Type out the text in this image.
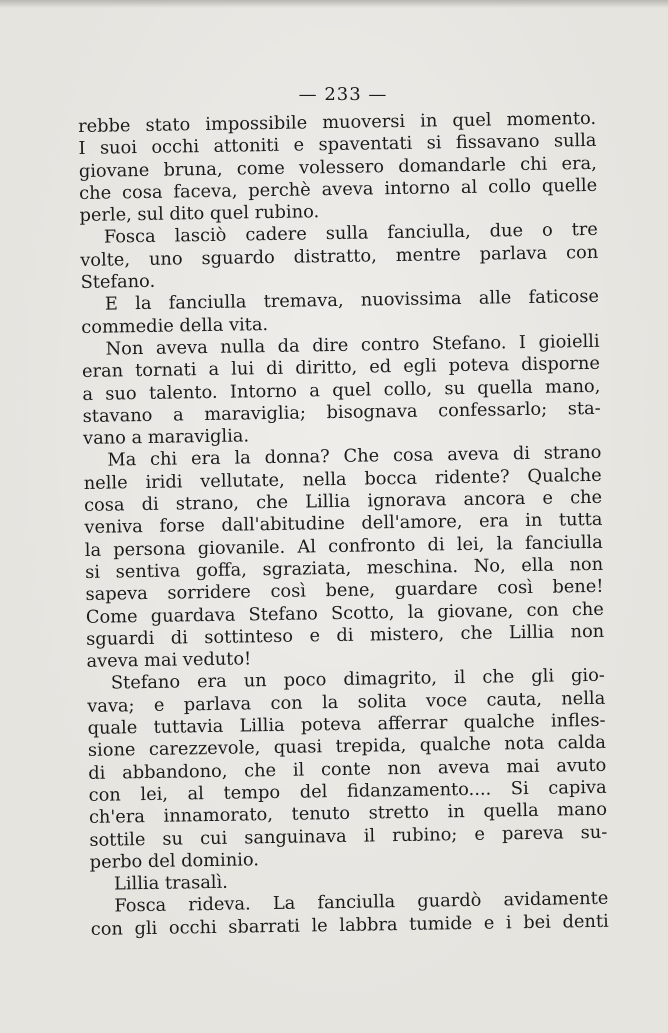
— 233 —
rebbe stato impossibile muoversi in quel momento.
I suoi occhi attoniti e spaventati si fissavano sulla
giovane bruna, come volessero domandarle chi era,
che cosa faceva, perchè aveva intorno al collo quelle
perle, sul dito quel rubino.
Fosca lasciò cadere sulla fanciulla, due o tre
volte, uno sguardo distratto, mentre parlava con
Stefano.
E la fanciulla tremava, nuovissima alle faticose
commedie della vita.
Non aveva nulla da dire contro Stefano. I gioielli
eran tornati a lui di diritto, ed egli poteva disporne
a suo talento. Intorno a quel collo, su quella mano,
stavano a maraviglia; bisognava confessarlo; sta-
vano a maraviglia.
Ma chi era la donna? Che cosa aveva di strano
nelle iridi vellutate, nella bocca ridente? Qualche
cosa di strano, che Lillia ignorava ancora e che
veniva forse dall'abitudine dell'amore, era in tutta
la persona giovanile. Al confronto di lei, la fanciulla
si sentiva goffa, sgraziata, meschina. No, ella non
sapeva sorridere così bene, guardare così bene!
Come guardava Stefano Scotto, la giovane, con che
sguardi di sottinteso e di mistero, che Lillia non
aveva mai veduto!
Stefano era un poco dimagrito, il che gli gio-
vava; e parlava con la solita voce cauta, nella
quale tuttavia Lillia poteva afferrar qualche infles-
sione carezzevole, quasi trepida, qualche nota calda
di abbandono, che il conte non aveva mai avuto
con lei, al tempo del fidanzamento.... Si capiva
ch'era innamorato, tenuto stretto in quella mano
sottile su cui sanguinava il rubino; e pareva su-
perbo del dominio.
Lillia trasalì.
Fosca rideva. La fanciulla guardò avidamente
con gli occhi sbarrati le labbra tumide e i bei denti
